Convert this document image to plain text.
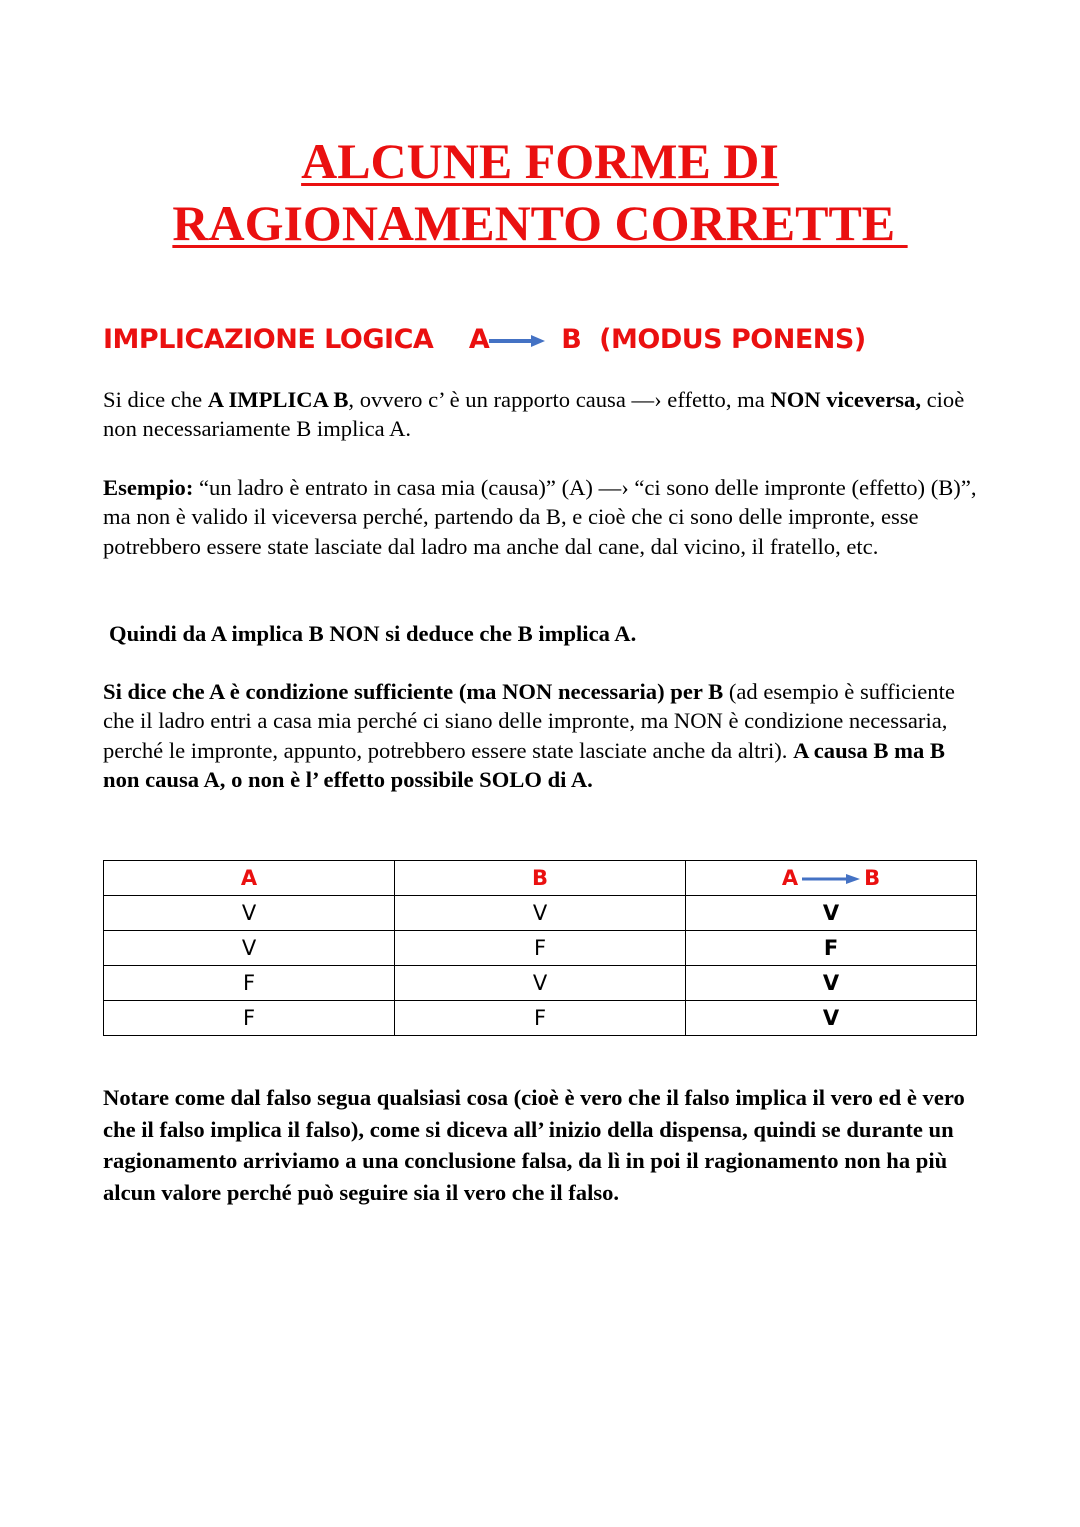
ALCUNE FORME DI
RAGIONAMENTO CORRETTE
IMPLICAZIONE LOGICA    A	B  (MODUS PONENS)
Si dice che A IMPLICA B, ovvero c’ è un rapporto causa —› effetto, ma NON viceversa, cioè non necessariamente B implica A.
Esempio: “un ladro è entrato in casa mia (causa)” (A) —› “ci sono delle impronte (effetto) (B)”, ma non è valido il viceversa perché, partendo da B, e cioè che ci sono delle impronte, esse potrebbero essere state lasciate dal ladro ma anche dal cane, dal vicino, il fratello, etc.
Quindi da A implica B NON si deduce che B implica A.
Si dice che A è condizione sufficiente (ma NON necessaria) per B (ad esempio è sufficiente che il ladro entri a casa mia perché ci siano delle impronte, ma NON è condizione necessaria, perché le impronte, appunto, potrebbero essere state lasciate anche da altri). A causa B ma B non causa A, o non è l’ effetto possibile SOLO di A.
A	B	A B
V	V	V
V	F	F
F	V	V
F	F	V
Notare come dal falso segua qualsiasi cosa (cioè è vero che il falso implica il vero ed è vero che il falso implica il falso), come si diceva all’ inizio della dispensa, quindi se durante un ragionamento arriviamo a una conclusione falsa, da lì in poi il ragionamento non ha più alcun valore perché può seguire sia il vero che il falso.
